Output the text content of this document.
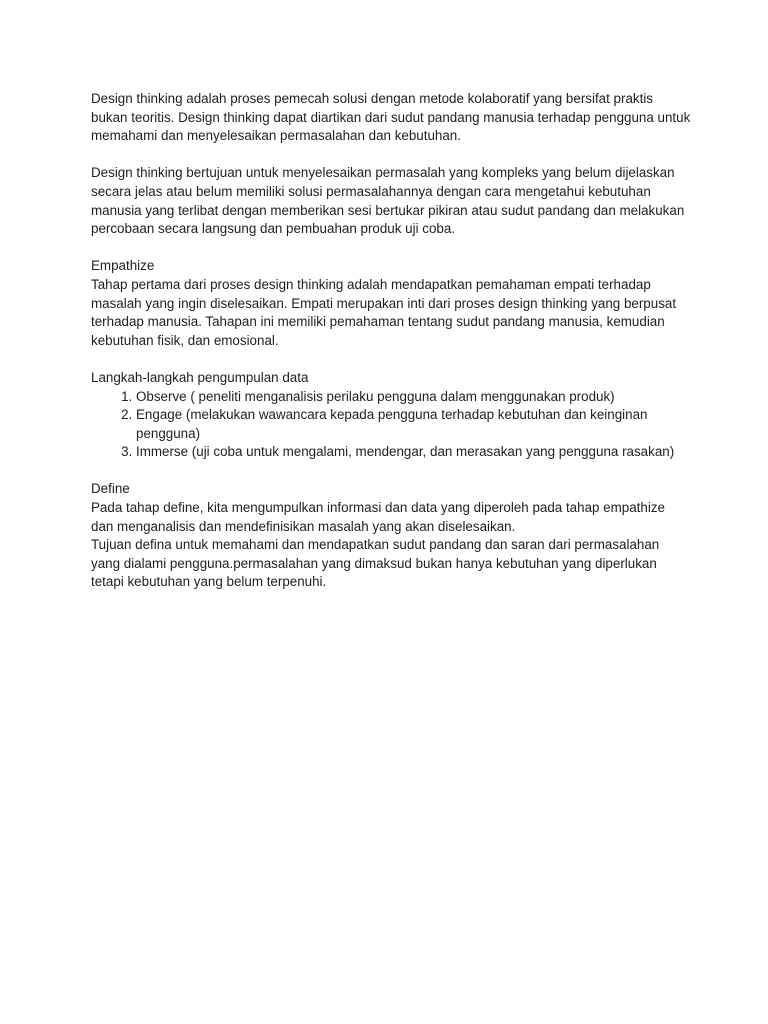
Design thinking adalah proses pemecah solusi dengan metode kolaboratif yang bersifat praktis bukan teoritis. Design thinking dapat diartikan dari sudut pandang manusia terhadap pengguna untuk memahami dan menyelesaikan permasalahan dan kebutuhan.

Design thinking bertujuan untuk menyelesaikan permasalah yang kompleks yang belum dijelaskan secara jelas atau belum memiliki solusi permasalahannya dengan cara mengetahui kebutuhan manusia yang terlibat dengan memberikan sesi bertukar pikiran atau sudut pandang dan melakukan percobaan secara langsung dan pembuahan produk uji coba.

Empathize

Tahap pertama dari proses design thinking adalah mendapatkan pemahaman empati terhadap masalah yang ingin diselesaikan. Empati merupakan inti dari proses design thinking yang berpusat terhadap manusia. Tahapan ini memiliki pemahaman tentang sudut pandang manusia, kemudian kebutuhan fisik, dan emosional.

Langkah-langkah pengumpulan data

1. Observe ( peneliti menganalisis perilaku pengguna dalam menggunakan produk)
2. Engage (melakukan wawancara kepada pengguna terhadap kebutuhan dan keinginan pengguna)
3. Immerse (uji coba untuk mengalami, mendengar, dan merasakan yang pengguna rasakan)

Define

Pada tahap define, kita mengumpulkan informasi dan data yang diperoleh pada tahap empathize dan menganalisis dan mendefinisikan masalah yang akan diselesaikan.

Tujuan defina untuk memahami dan mendapatkan sudut pandang dan saran dari permasalahan yang dialami pengguna.permasalahan yang dimaksud bukan hanya kebutuhan yang diperlukan tetapi kebutuhan yang belum terpenuhi.
